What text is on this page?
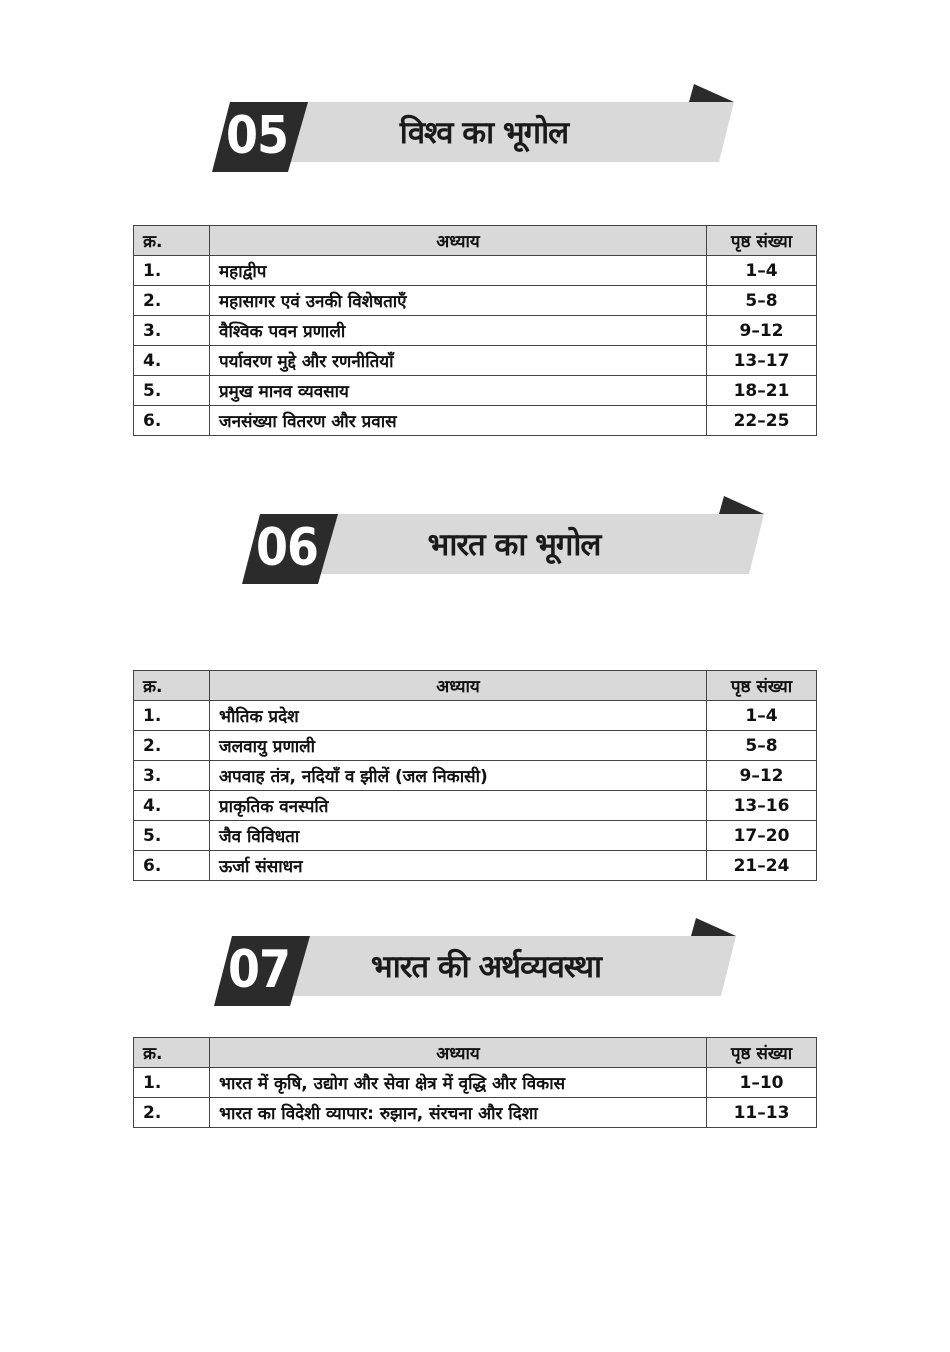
05	विश्व का भूगोल
क्र.	अध्याय	पृष्ठ संख्या
1.	महाद्वीप	1–4
2.	महासागर एवं उनकी विशेषताएँ	5–8
3.	वैश्विक पवन प्रणाली	9–12
4.	पर्यावरण मुद्दे और रणनीतियाँ	13–17
5.	प्रमुख मानव व्यवसाय	18–21
6.	जनसंख्या वितरण और प्रवास	22–25
06	भारत का भूगोल
क्र.	अध्याय	पृष्ठ संख्या
1.	भौतिक प्रदेश	1–4
2.	जलवायु प्रणाली	5–8
3.	अपवाह तंत्र, नदियाँ व झीलें (जल निकासी)	9–12
4.	प्राकृतिक वनस्पति	13–16
5.	जैव विविधता	17–20
6.	ऊर्जा संसाधन	21–24
07	भारत की अर्थव्यवस्था
क्र.	अध्याय	पृष्ठ संख्या
1.	भारत में कृषि, उद्योग और सेवा क्षेत्र में वृद्धि और विकास	1–10
2.	भारत का विदेशी व्यापार: रुझान, संरचना और दिशा	11–13
